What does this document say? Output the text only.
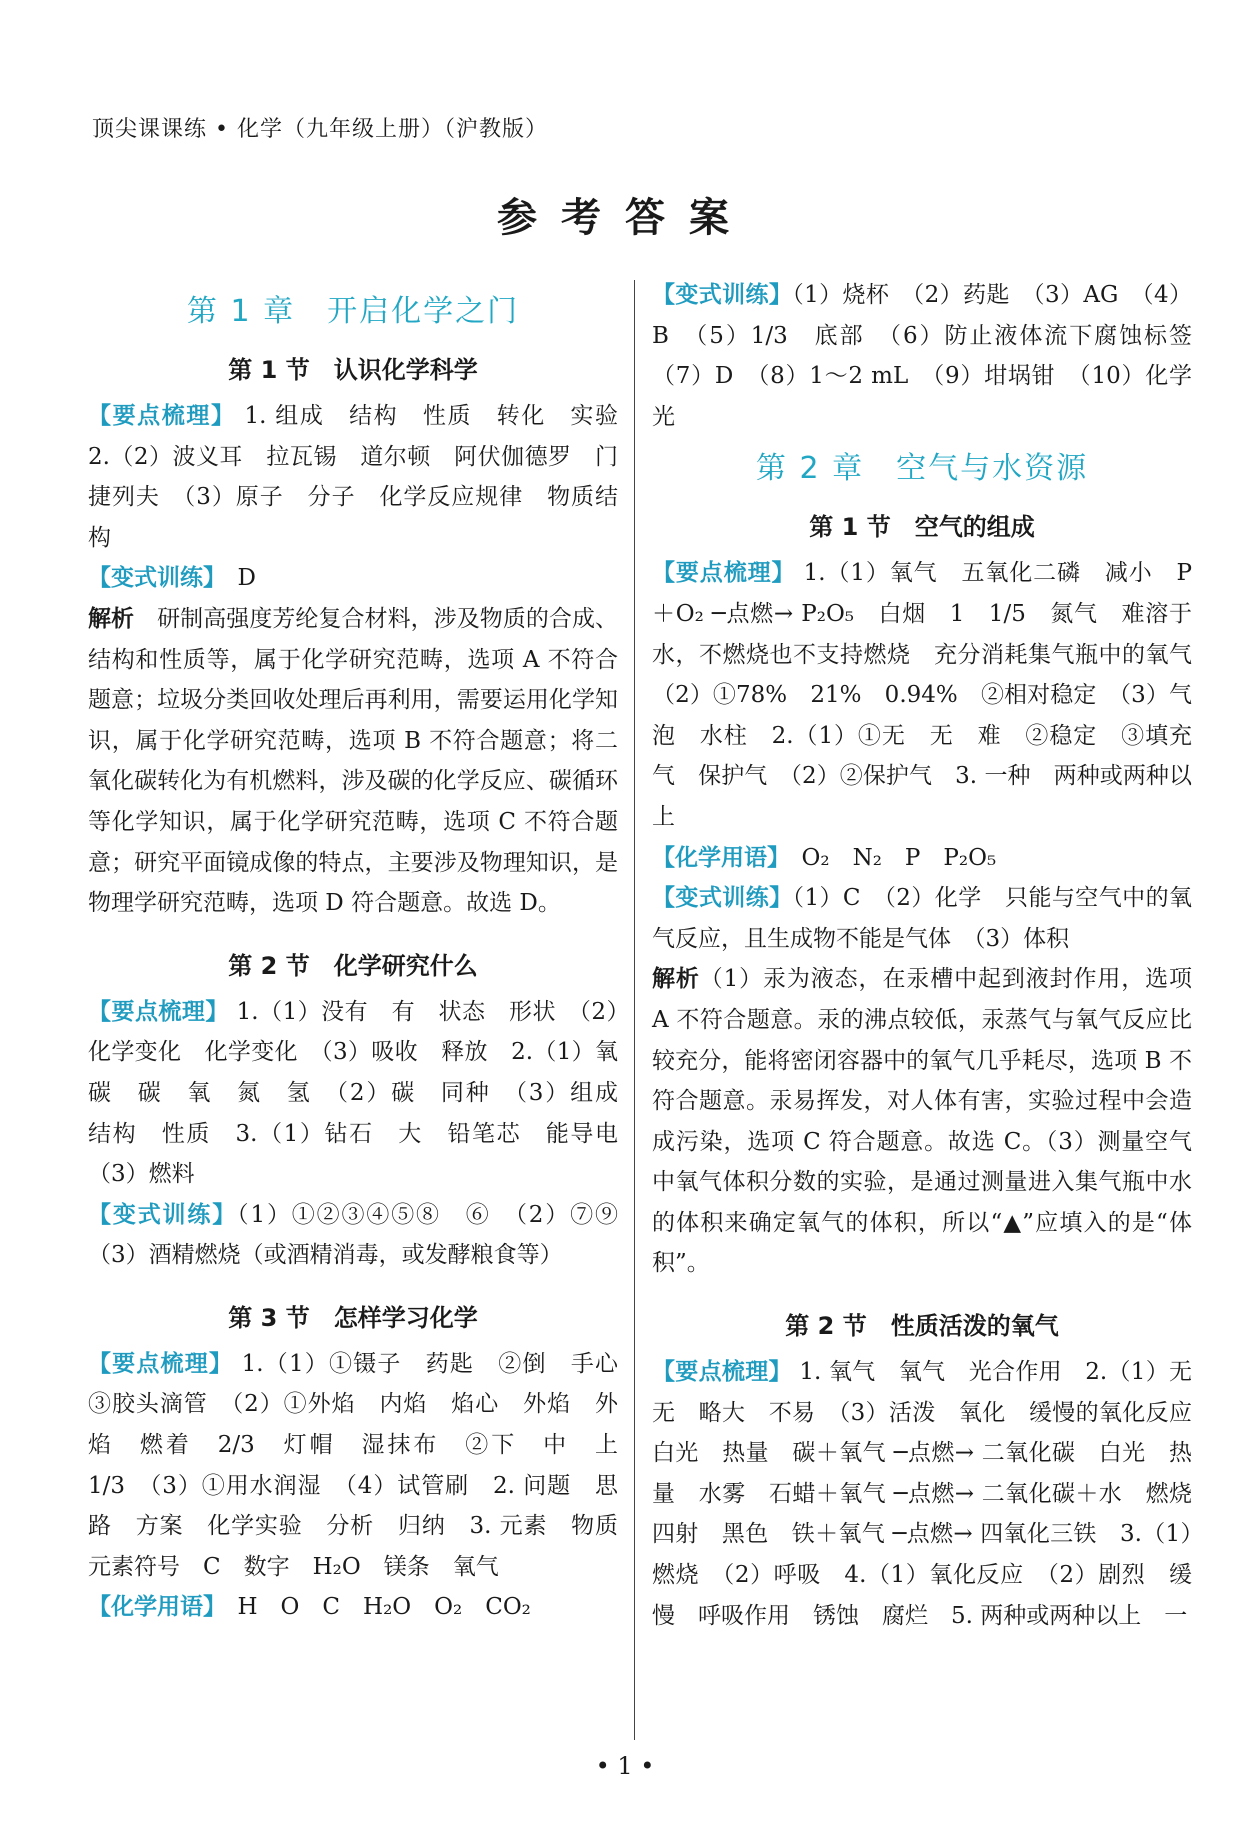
顶尖课课练 • 化学（九年级上册）（沪教版）
参考答案

第 1 章　开启化学之门

第 1 节　认识化学科学

【要点梳理】 1. 组成　结构　性质　转化　实验　2.（2）波义耳　拉瓦锡　道尔顿　阿伏伽德罗　门捷列夫　（3）原子　分子　化学反应规律　物质结构

【变式训练】　D

解析　研制高强度芳纶复合材料，涉及物质的合成、结构和性质等，属于化学研究范畴，选项 A 不符合题意；垃圾分类回收处理后再利用，需要运用化学知识，属于化学研究范畴，选项 B 不符合题意；将二氧化碳转化为有机燃料，涉及碳的化学反应、碳循环等化学知识，属于化学研究范畴，选项 C 不符合题意；研究平面镜成像的特点，主要涉及物理知识，是物理学研究范畴，选项 D 符合题意。故选 D。

第 2 节　化学研究什么

【要点梳理】 1.（1）没有　有　状态　形状　（2）化学变化　化学变化　（3）吸收　释放　2.（1）氧　碳　碳　氧　氮　氢　（2）碳　同种　（3）组成　结构　性质　3.（1）钻石　大　铅笔芯　能导电　（3）燃料

【变式训练】（1）①②③④⑤⑧　⑥　（2）⑦⑨　（3）酒精燃烧（或酒精消毒，或发酵粮食等）

第 3 节　怎样学习化学

【要点梳理】 1.（1）①镊子　药匙　②倒　手心　③胶头滴管　（2）①外焰　内焰　焰心　外焰　外焰　燃着　2/3　灯帽　湿抹布　②下　中　上　1/3　（3）①用水润湿　（4）试管刷　2. 问题　思路　方案　化学实验　分析　归纳　3. 元素　物质　元素符号　C　数字　H₂O　镁条　氧气

【化学用语】　H　O　C　H₂O　O₂　CO₂

【变式训练】（1）烧杯　（2）药匙　（3）AG　（4）B　（5）1/3　底部　（6）防止液体流下腐蚀标签　（7）D　（8）1～2 mL　（9）坩埚钳　（10）化学　光

第 2 章　空气与水资源

第 1 节　空气的组成

【要点梳理】 1.（1）氧气　五氧化二磷　减小　P＋O₂ ─点燃→ P₂O₅　白烟　1　1/5　氮气　难溶于水，不燃烧也不支持燃烧　充分消耗集气瓶中的氧气　（2）①78%　21%　0.94%　②相对稳定　（3）气泡　水柱　2.（1）①无　无　难　②稳定　③填充气　保护气　（2）②保护气　3. 一种　两种或两种以上

【化学用语】　O₂　N₂　P　P₂O₅

【变式训练】（1）C　（2）化学　只能与空气中的氧气反应，且生成物不能是气体　（3）体积

解析（1）汞为液态，在汞槽中起到液封作用，选项 A 不符合题意。汞的沸点较低，汞蒸气与氧气反应比较充分，能将密闭容器中的氧气几乎耗尽，选项 B 不符合题意。汞易挥发，对人体有害，实验过程中会造成污染，选项 C 符合题意。故选 C。（3）测量空气中氧气体积分数的实验，是通过测量进入集气瓶中水的体积来确定氧气的体积，所以“▲”应填入的是“体积”。

第 2 节　性质活泼的氧气

【要点梳理】 1. 氧气　氧气　光合作用　2.（1）无　无　略大　不易　（3）活泼　氧化　缓慢的氧化反应　白光　热量　碳＋氧气 ─点燃→ 二氧化碳　白光　热量　水雾　石蜡＋氧气 ─点燃→ 二氧化碳＋水　燃烧　四射　黑色　铁＋氧气 ─点燃→ 四氧化三铁　3.（1）燃烧　（2）呼吸　4.（1）氧化反应　（2）剧烈　缓慢　呼吸作用　锈蚀　腐烂　5. 两种或两种以上　一

• 1 •
